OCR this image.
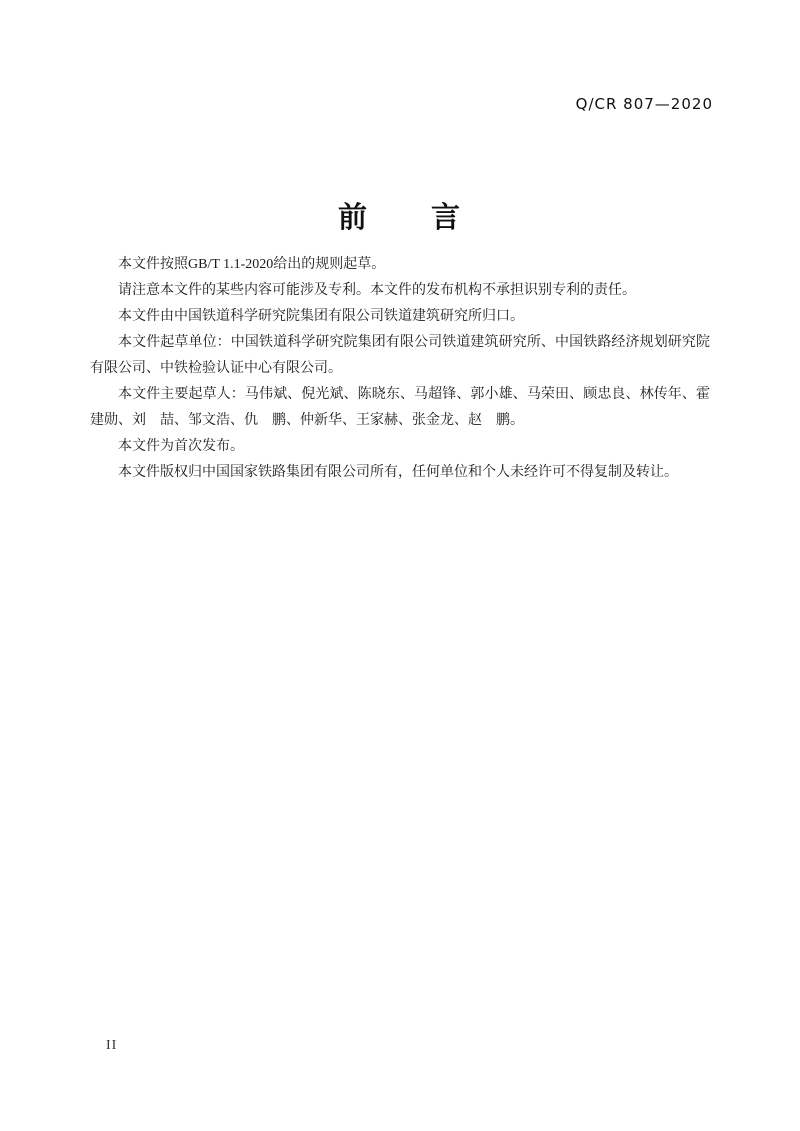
Q/CR 807—2020
前　　言
本文件按照GB/T 1.1-2020给出的规则起草。
请注意本文件的某些内容可能涉及专利。本文件的发布机构不承担识别专利的责任。
本文件由中国铁道科学研究院集团有限公司铁道建筑研究所归口。
本文件起草单位：中国铁道科学研究院集团有限公司铁道建筑研究所、中国铁路经济规划研究院
有限公司、中铁检验认证中心有限公司。
本文件主要起草人：马伟斌、倪光斌、陈晓东、马超锋、郭小雄、马荣田、顾忠良、林传年、霍
建勋、刘　喆、邹文浩、仇　鹏、仲新华、王家赫、张金龙、赵　鹏。
本文件为首次发布。
本文件版权归中国国家铁路集团有限公司所有，任何单位和个人未经许可不得复制及转让。
II
